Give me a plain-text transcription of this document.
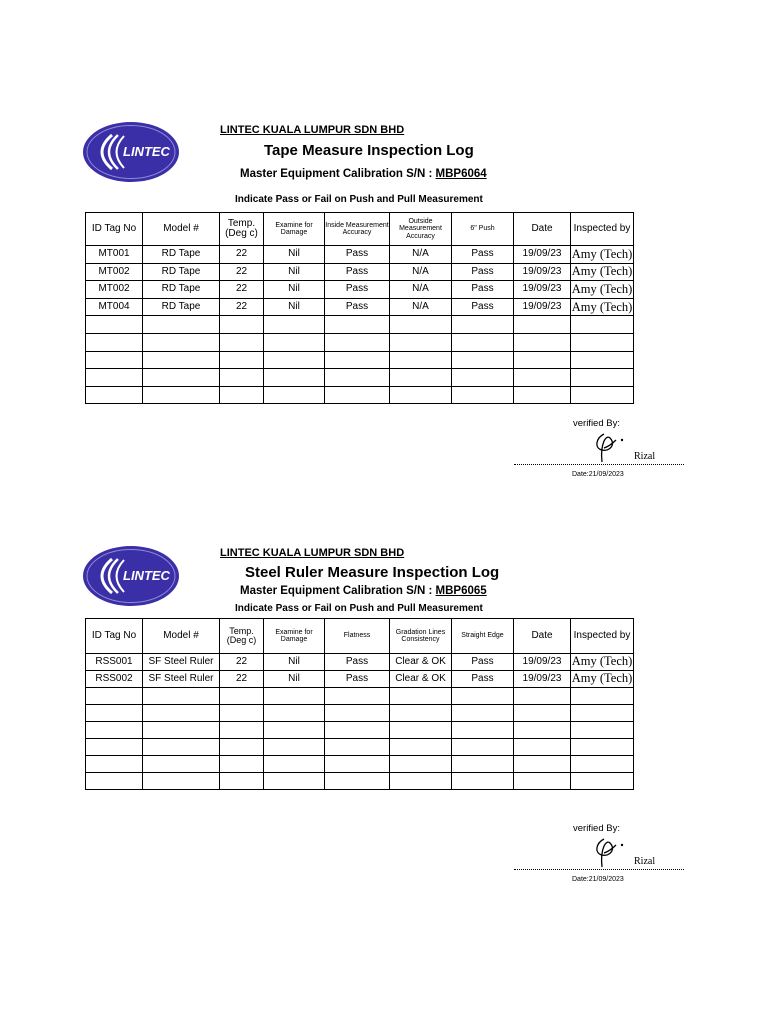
LINTEC
LINTEC KUALA LUMPUR SDN BHD
Tape Measure Inspection Log
Master Equipment Calibration S/N : MBP6064
Indicate Pass or Fail on Push and Pull Measurement
ID Tag No	Model #	Temp. (Deg c)	Examine for Damage	Inside Measurement Accuracy	Outside Measurement Accuracy	6" Push	Date	Inspected by
MT001	RD Tape	22	Nil	Pass	N/A	Pass	19/09/23	Amy (Tech)
MT002	RD Tape	22	Nil	Pass	N/A	Pass	19/09/23	Amy (Tech)
MT002	RD Tape	22	Nil	Pass	N/A	Pass	19/09/23	Amy (Tech)
MT004	RD Tape	22	Nil	Pass	N/A	Pass	19/09/23	Amy (Tech)

verified By:
Rizal
Date:21/09/2023
LINTEC
LINTEC KUALA LUMPUR SDN BHD
Steel Ruler Measure Inspection Log
Master Equipment Calibration S/N : MBP6065
Indicate Pass or Fail on Push and Pull Measurement
ID Tag No	Model #	Temp.(Deg c)	Examine for Damage	Flatness	Gradation Lines Consistency	Straight Edge	Date	Inspected by
RSS001	SF Steel Ruler	22	Nil	Pass	Clear & OK	Pass	19/09/23	Amy (Tech)
RSS002	SF Steel Ruler	22	Nil	Pass	Clear & OK	Pass	19/09/23	Amy (Tech)

verified By:
Rizal
Date:21/09/2023
